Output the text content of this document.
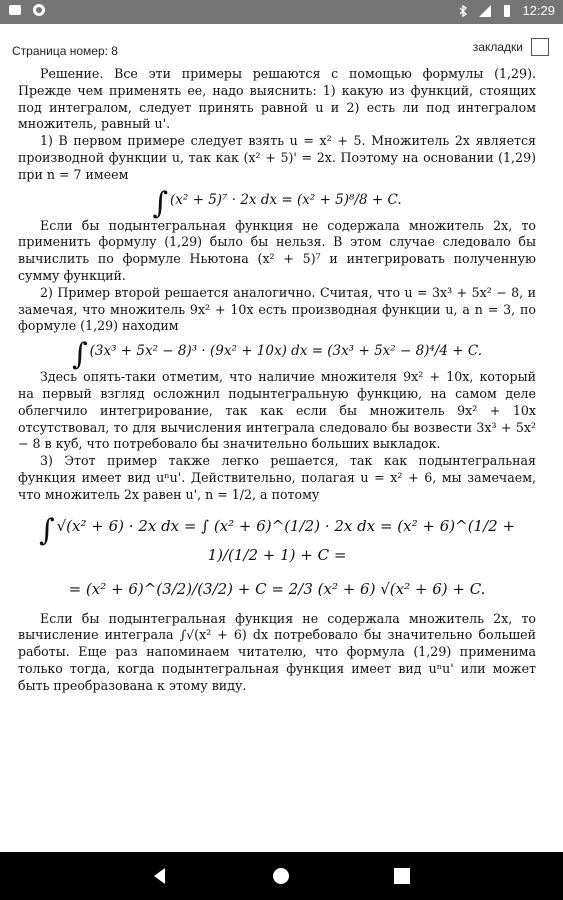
12:29
Страница номер: 8	закладки

Решение. Все эти примеры решаются с помощью формулы (1,29). Прежде чем применять ее, надо выяснить: 1) какую из функций, стоящих под интегралом, следует принять равной u и 2) есть ли под интегралом множитель, равный u'.

1) В первом примере следует взять u = x² + 5. Множитель 2x является производной функции u, так как (x² + 5)' = 2x. Поэтому на основании (1,29) при n = 7 имеем

∫ (x² + 5)⁷ · 2x dx = (x² + 5)⁸/8 + C.

Если бы подынтегральная функция не содержала множитель 2x, то применить формулу (1,29) было бы нельзя. В этом случае следовало бы вычислить по формуле Ньютона (x² + 5)⁷ и интегрировать полученную сумму функций.

2) Пример второй решается аналогично. Считая, что u = 3x³ + 5x² − 8, и замечая, что множитель 9x² + 10x есть производная функции u, а n = 3, по формуле (1,29) находим

∫ (3x³ + 5x² − 8)³ · (9x² + 10x) dx = (3x³ + 5x² − 8)⁴/4 + C.

Здесь опять-таки отметим, что наличие множителя 9x² + 10x, который на первый взгляд осложнил подынтегральную функцию, на самом деле облегчило интегрирование, так как если бы множитель 9x² + 10x отсутствовал, то для вычисления интеграла следовало бы возвести 3x³ + 5x² − 8 в куб, что потребовало бы значительно больших выкладок.

3) Этот пример также легко решается, так как подынтегральная функция имеет вид uⁿu'. Действительно, полагая u = x² + 6, мы замечаем, что множитель 2x равен u', n = 1/2, а потому

∫ √(x² + 6) · 2x dx = ∫ (x² + 6)^(1/2) · 2x dx = (x² + 6)^(1/2 + 1)/(1/2 + 1) + C =
= (x² + 6)^(3/2)/(3/2) + C = 2/3 (x² + 6) √(x² + 6) + C.

Если бы подынтегральная функция не содержала множитель 2x, то вычисление интеграла ∫√(x² + 6) dx потребовало бы значительно большей работы. Еще раз напоминаем читателю, что формула (1,29) применима только тогда, когда подынтегральная функция имеет вид uⁿu' или может быть преобразована к этому виду.
